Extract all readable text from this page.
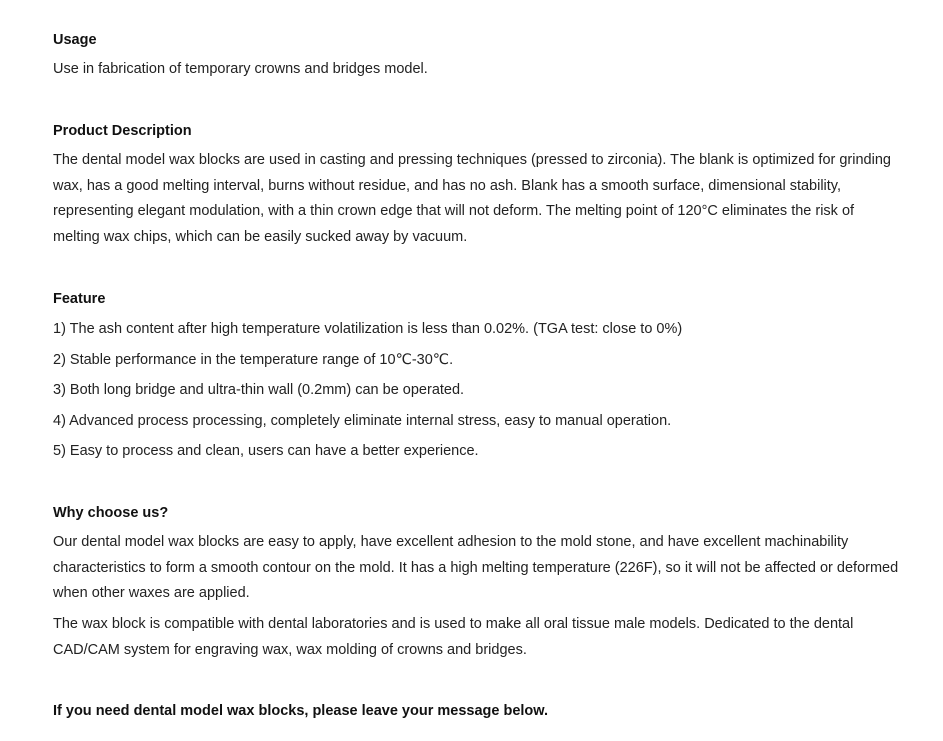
Usage

Use in fabrication of temporary crowns and bridges model.

Product Description

The dental model wax blocks are used in casting and pressing techniques (pressed to zirconia). The blank is optimized for grinding wax, has a good melting interval, burns without residue, and has no ash. Blank has a smooth surface, dimensional stability, representing elegant modulation, with a thin crown edge that will not deform. The melting point of 120°C eliminates the risk of melting wax chips, which can be easily sucked away by vacuum.

Feature
1) The ash content after high temperature volatilization is less than 0.02%. (TGA test: close to 0%)
2) Stable performance in the temperature range of 10℃-30℃.
3) Both long bridge and ultra-thin wall (0.2mm) can be operated.
4) Advanced process processing, completely eliminate internal stress, easy to manual operation.
5) Easy to process and clean, users can have a better experience.
Why choose us?

Our dental model wax blocks are easy to apply, have excellent adhesion to the mold stone, and have excellent machinability characteristics to form a smooth contour on the mold. It has a high melting temperature (226F), so it will not be affected or deformed when other waxes are applied.

The wax block is compatible with dental laboratories and is used to make all oral tissue male models. Dedicated to the dental CAD/CAM system for engraving wax, wax molding of crowns and bridges.

If you need dental model wax blocks, please leave your message below.
